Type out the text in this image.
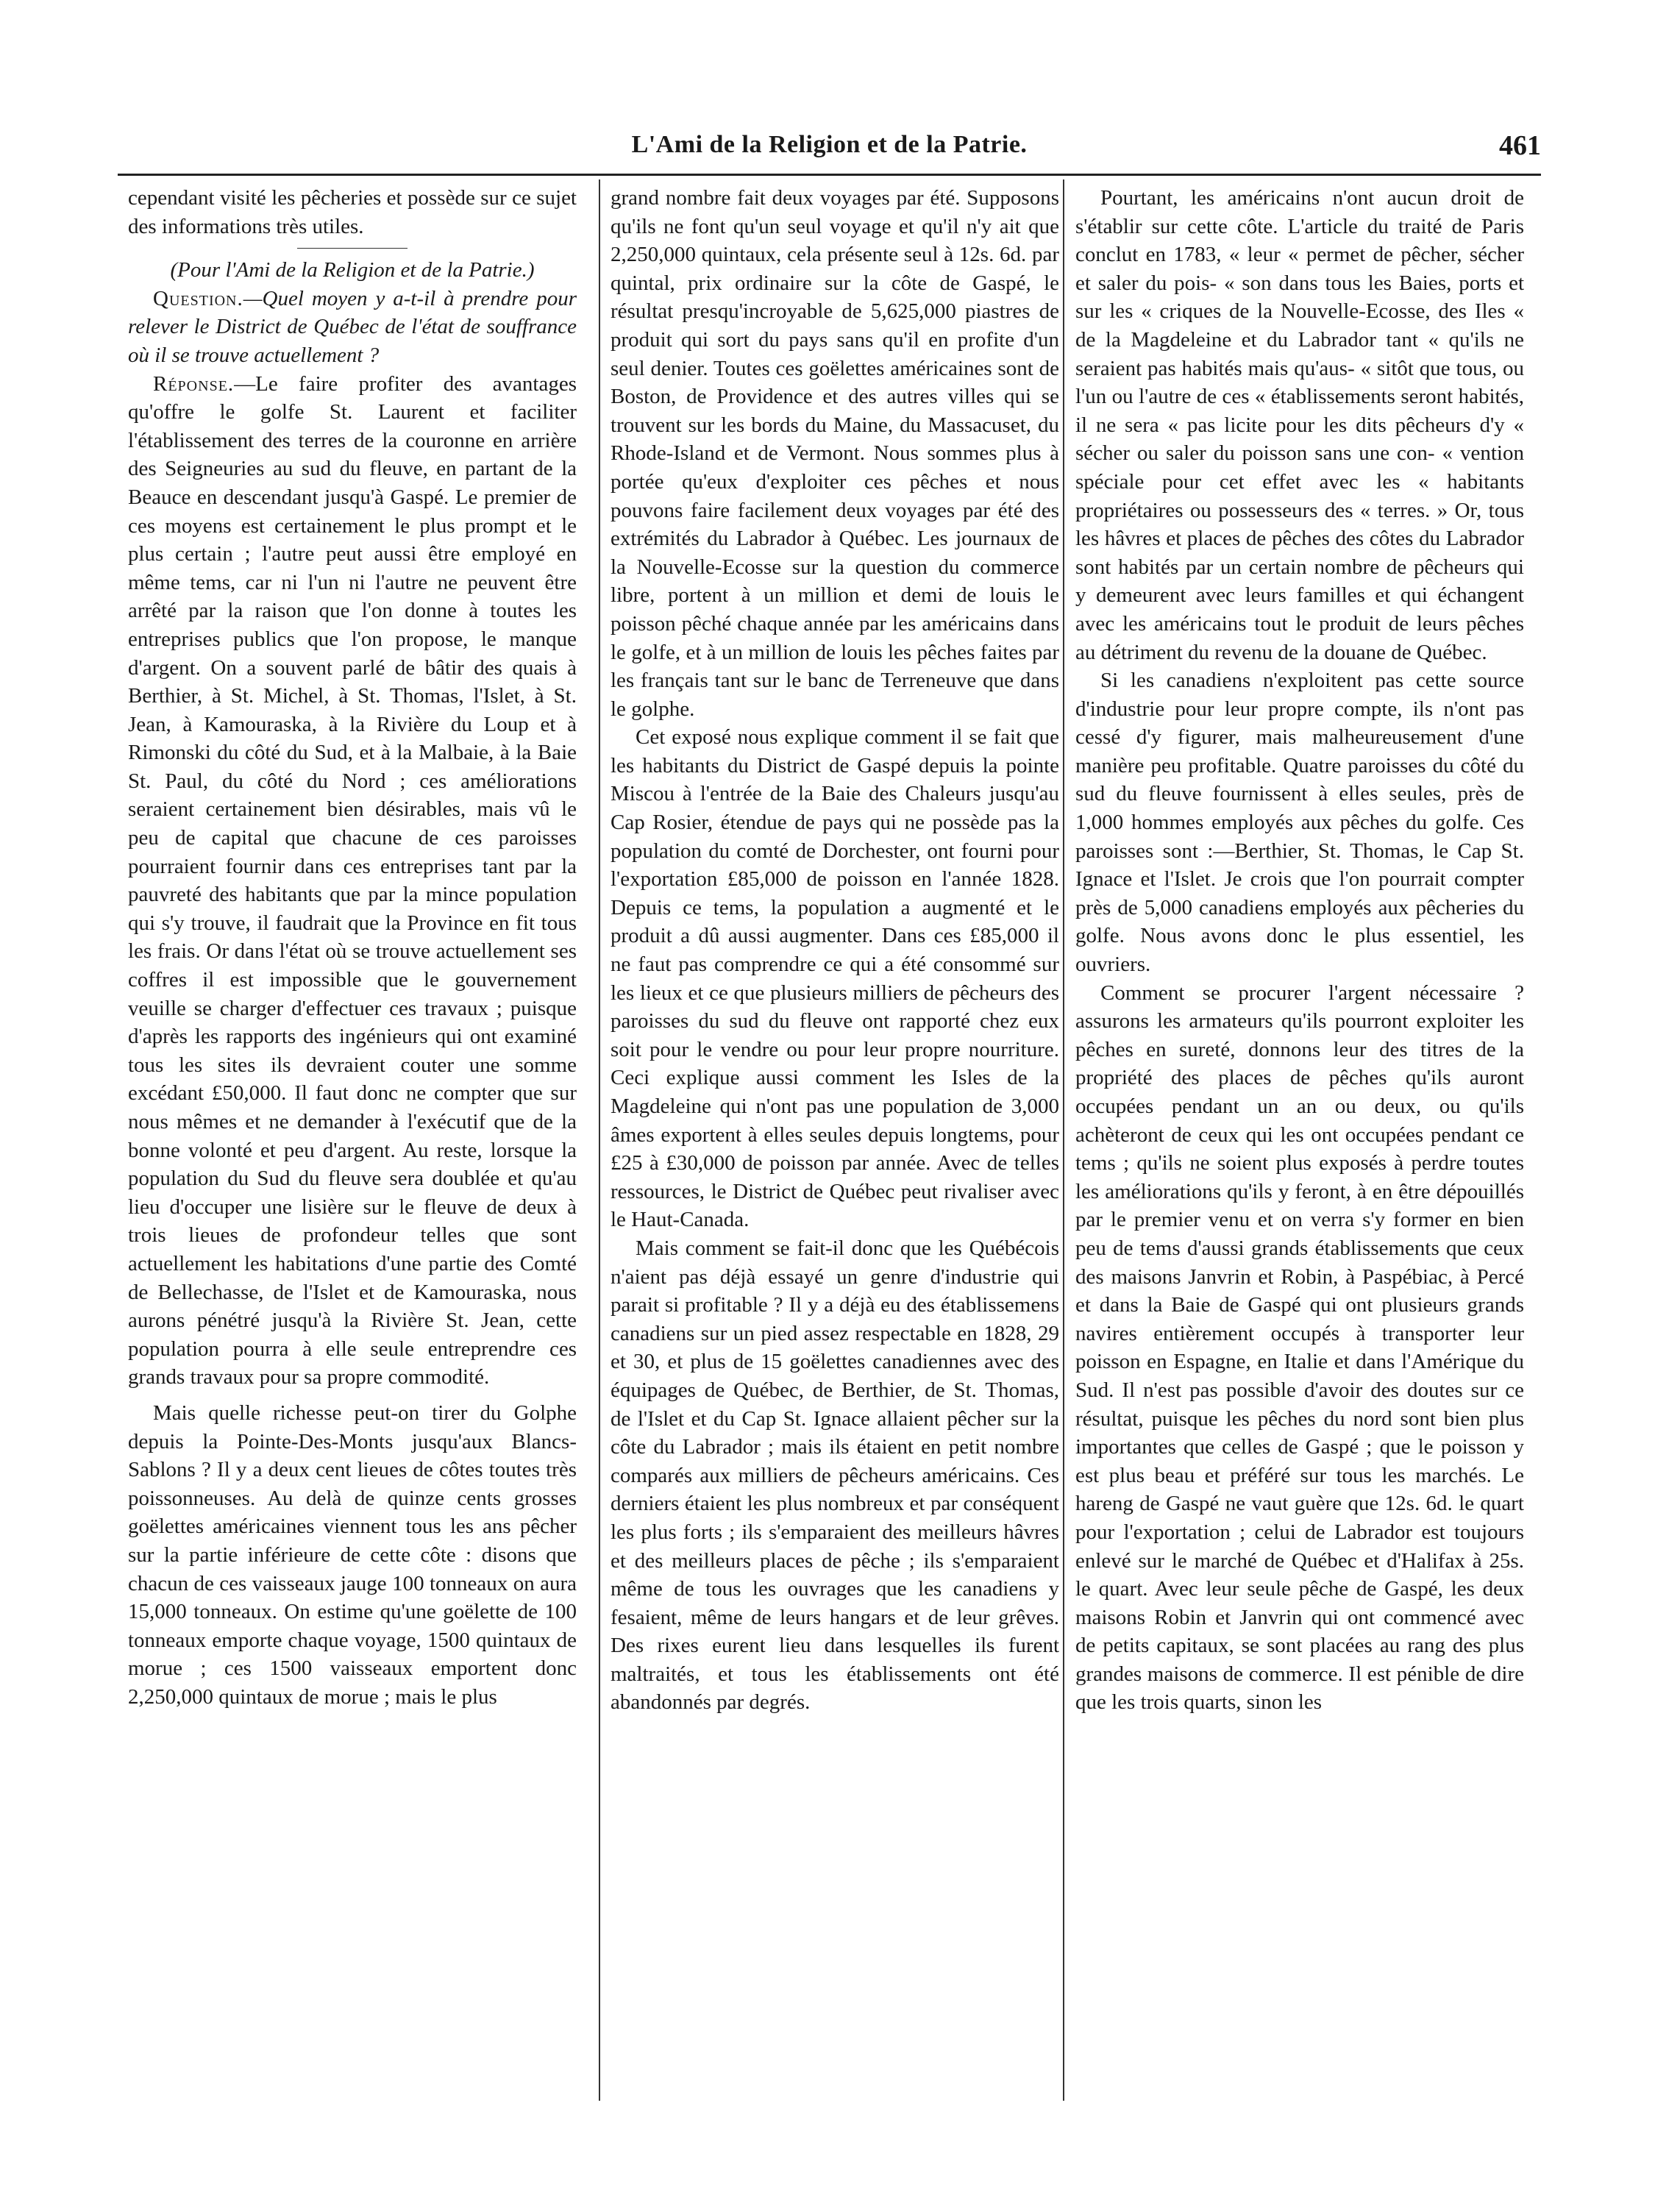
L'Ami de la Religion et de la Patrie.	461

cependant visité les pêcheries et possède sur ce sujet des informations très utiles.

(Pour l'Ami de la Religion et de la Patrie.)

Question.—Quel moyen y a-t-il à prendre pour relever le District de Québec de l'état de souffrance où il se trouve actuellement ?

Réponse.—Le faire profiter des avantages qu'offre le golfe St. Laurent et faciliter l'établissement des terres de la couronne en arrière des Seigneuries au sud du fleuve, en partant de la Beauce en descendant jusqu'à Gaspé. Le premier de ces moyens est certainement le plus prompt et le plus certain ; l'autre peut aussi être employé en même tems, car ni l'un ni l'autre ne peuvent être arrêté par la raison que l'on donne à toutes les entreprises publics que l'on propose, le manque d'argent. On a souvent parlé de bâtir des quais à Berthier, à St. Michel, à St. Thomas, l'Islet, à St. Jean, à Kamouraska, à la Rivière du Loup et à Rimonski du côté du Sud, et à la Malbaie, à la Baie St. Paul, du côté du Nord ; ces améliorations seraient certainement bien désirables, mais vû le peu de capital que chacune de ces paroisses pourraient fournir dans ces entreprises tant par la pauvreté des habitants que par la mince population qui s'y trouve, il faudrait que la Province en fit tous les frais. Or dans l'état où se trouve actuellement ses coffres il est impossible que le gouvernement veuille se charger d'effectuer ces travaux ; puisque d'après les rapports des ingénieurs qui ont examiné tous les sites ils devraient couter une somme excédant £50,000. Il faut donc ne compter que sur nous mêmes et ne demander à l'exécutif que de la bonne volonté et peu d'argent. Au reste, lorsque la population du Sud du fleuve sera doublée et qu'au lieu d'occuper une lisière sur le fleuve de deux à trois lieues de profondeur telles que sont actuellement les habitations d'une partie des Comté de Bellechasse, de l'Islet et de Kamouraska, nous aurons pénétré jusqu'à la Rivière St. Jean, cette population pourra à elle seule entreprendre ces grands travaux pour sa propre commodité.

Mais quelle richesse peut-on tirer du Golphe depuis la Pointe-Des-Monts jusqu'aux Blancs-Sablons ? Il y a deux cent lieues de côtes toutes très poissonneuses. Au delà de quinze cents grosses goëlettes américaines viennent tous les ans pêcher sur la partie inférieure de cette côte : disons que chacun de ces vaisseaux jauge 100 tonneaux on aura 15,000 tonneaux. On estime qu'une goëlette de 100 tonneaux emporte chaque voyage, 1500 quintaux de morue ; ces 1500 vaisseaux emportent donc 2,250,000 quintaux de morue ; mais le plus

grand nombre fait deux voyages par été. Supposons qu'ils ne font qu'un seul voyage et qu'il n'y ait que 2,250,000 quintaux, cela présente seul à 12s. 6d. par quintal, prix ordinaire sur la côte de Gaspé, le résultat presqu'incroyable de 5,625,000 piastres de produit qui sort du pays sans qu'il en profite d'un seul denier. Toutes ces goëlettes américaines sont de Boston, de Providence et des autres villes qui se trouvent sur les bords du Maine, du Massacuset, du Rhode-Island et de Vermont. Nous sommes plus à portée qu'eux d'exploiter ces pêches et nous pouvons faire facilement deux voyages par été des extrémités du Labrador à Québec. Les journaux de la Nouvelle-Ecosse sur la question du commerce libre, portent à un million et demi de louis le poisson pêché chaque année par les américains dans le golfe, et à un million de louis les pêches faites par les français tant sur le banc de Terreneuve que dans le golphe.

Cet exposé nous explique comment il se fait que les habitants du District de Gaspé depuis la pointe Miscou à l'entrée de la Baie des Chaleurs jusqu'au Cap Rosier, étendue de pays qui ne possède pas la population du comté de Dorchester, ont fourni pour l'exportation £85,000 de poisson en l'année 1828. Depuis ce tems, la population a augmenté et le produit a dû aussi augmenter. Dans ces £85,000 il ne faut pas comprendre ce qui a été consommé sur les lieux et ce que plusieurs milliers de pêcheurs des paroisses du sud du fleuve ont rapporté chez eux soit pour le vendre ou pour leur propre nourriture. Ceci explique aussi comment les Isles de la Magdeleine qui n'ont pas une population de 3,000 âmes exportent à elles seules depuis longtems, pour £25 à £30,000 de poisson par année. Avec de telles ressources, le District de Québec peut rivaliser avec le Haut-Canada.

Mais comment se fait-il donc que les Québécois n'aient pas déjà essayé un genre d'industrie qui parait si profitable ? Il y a déjà eu des établissemens canadiens sur un pied assez respectable en 1828, 29 et 30, et plus de 15 goëlettes canadiennes avec des équipages de Québec, de Berthier, de St. Thomas, de l'Islet et du Cap St. Ignace allaient pêcher sur la côte du Labrador ; mais ils étaient en petit nombre comparés aux milliers de pêcheurs américains. Ces derniers étaient les plus nombreux et par conséquent les plus forts ; ils s'emparaient des meilleurs hâvres et des meilleurs places de pêche ; ils s'emparaient même de tous les ouvrages que les canadiens y fesaient, même de leurs hangars et de leur grêves. Des rixes eurent lieu dans lesquelles ils furent maltraités, et tous les établissements ont été abandonnés par degrés.

Pourtant, les américains n'ont aucun droit de s'établir sur cette côte. L'article du traité de Paris conclut en 1783, « leur « permet de pêcher, sécher et saler du pois- « son dans tous les Baies, ports et sur les « criques de la Nouvelle-Ecosse, des Iles « de la Magdeleine et du Labrador tant « qu'ils ne seraient pas habités mais qu'aus- « sitôt que tous, ou l'un ou l'autre de ces « établissements seront habités, il ne sera « pas licite pour les dits pêcheurs d'y « sécher ou saler du poisson sans une con- « vention spéciale pour cet effet avec les « habitants propriétaires ou possesseurs des « terres. » Or, tous les hâvres et places de pêches des côtes du Labrador sont habités par un certain nombre de pêcheurs qui y demeurent avec leurs familles et qui échangent avec les américains tout le produit de leurs pêches au détriment du revenu de la douane de Québec.

Si les canadiens n'exploitent pas cette source d'industrie pour leur propre compte, ils n'ont pas cessé d'y figurer, mais malheureusement d'une manière peu profitable. Quatre paroisses du côté du sud du fleuve fournissent à elles seules, près de 1,000 hommes employés aux pêches du golfe. Ces paroisses sont :—Berthier, St. Thomas, le Cap St. Ignace et l'Islet. Je crois que l'on pourrait compter près de 5,000 canadiens employés aux pêcheries du golfe. Nous avons donc le plus essentiel, les ouvriers.

Comment se procurer l'argent nécessaire ? assurons les armateurs qu'ils pourront exploiter les pêches en sureté, donnons leur des titres de la propriété des places de pêches qu'ils auront occupées pendant un an ou deux, ou qu'ils achèteront de ceux qui les ont occupées pendant ce tems ; qu'ils ne soient plus exposés à perdre toutes les améliorations qu'ils y feront, à en être dépouillés par le premier venu et on verra s'y former en bien peu de tems d'aussi grands établissements que ceux des maisons Janvrin et Robin, à Paspébiac, à Percé et dans la Baie de Gaspé qui ont plusieurs grands navires entièrement occupés à transporter leur poisson en Espagne, en Italie et dans l'Amérique du Sud. Il n'est pas possible d'avoir des doutes sur ce résultat, puisque les pêches du nord sont bien plus importantes que celles de Gaspé ; que le poisson y est plus beau et préféré sur tous les marchés. Le hareng de Gaspé ne vaut guère que 12s. 6d. le quart pour l'exportation ; celui de Labrador est toujours enlevé sur le marché de Québec et d'Halifax à 25s. le quart. Avec leur seule pêche de Gaspé, les deux maisons Robin et Janvrin qui ont commencé avec de petits capitaux, se sont placées au rang des plus grandes maisons de commerce. Il est pénible de dire que les trois quarts, sinon les
